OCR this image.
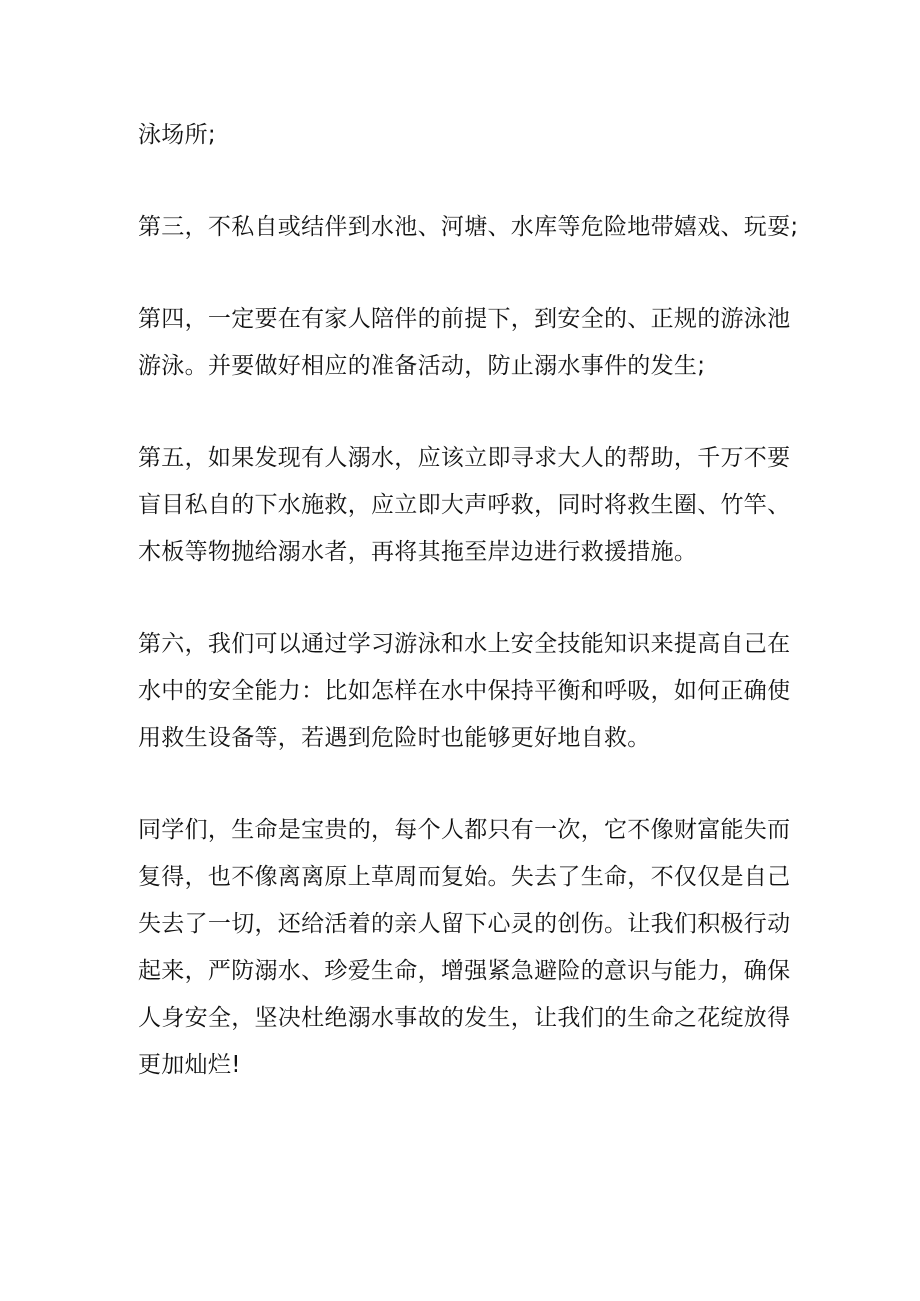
泳场所;
第三，不私自或结伴到水池、河塘、水库等危险地带嬉戏、玩耍;
第四，一定要在有家人陪伴的前提下，到安全的、正规的游泳池
游泳。并要做好相应的准备活动，防止溺水事件的发生;
第五，如果发现有人溺水，应该立即寻求大人的帮助，千万不要
盲目私自的下水施救，应立即大声呼救，同时将救生圈、竹竿、
木板等物抛给溺水者，再将其拖至岸边进行救援措施。
第六，我们可以通过学习游泳和水上安全技能知识来提高自己在
水中的安全能力：比如怎样在水中保持平衡和呼吸，如何正确使
用救生设备等，若遇到危险时也能够更好地自救。
同学们，生命是宝贵的，每个人都只有一次，它不像财富能失而
复得，也不像离离原上草周而复始。失去了生命，不仅仅是自己
失去了一切，还给活着的亲人留下心灵的创伤。让我们积极行动
起来，严防溺水、珍爱生命，增强紧急避险的意识与能力，确保
人身安全，坚决杜绝溺水事故的发生，让我们的生命之花绽放得
更加灿烂!
